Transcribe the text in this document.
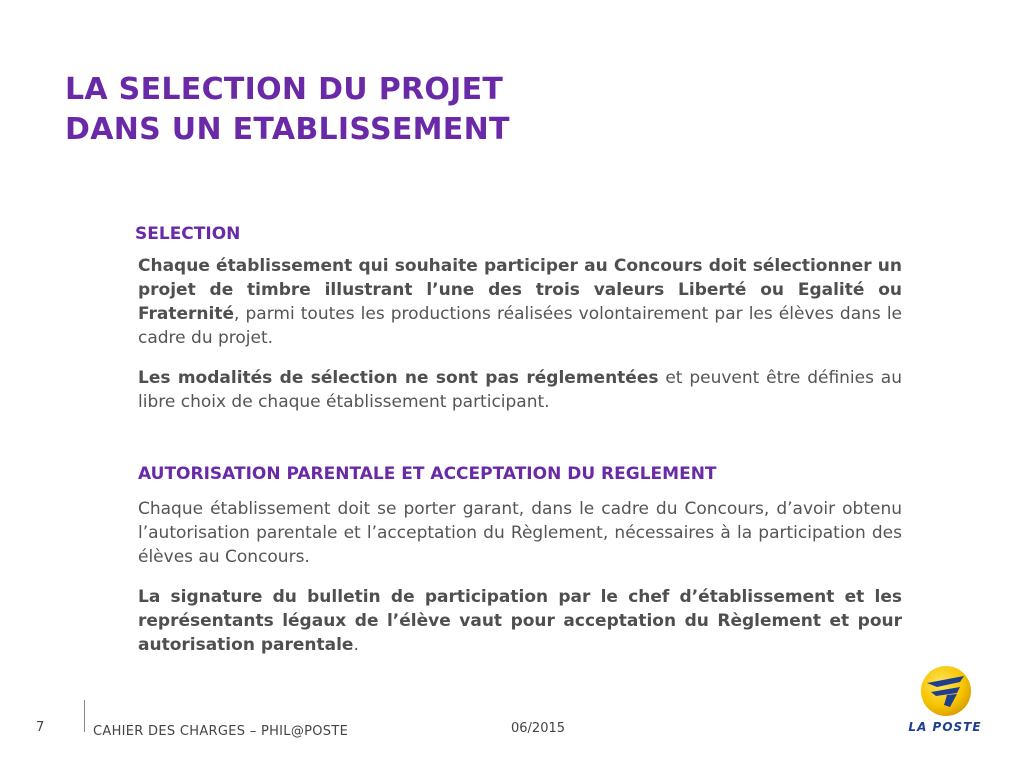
LA SELECTION DU PROJET
DANS UN ETABLISSEMENT
SELECTION

Chaque établissement qui souhaite participer au Concours doit sélectionner un projet de timbre illustrant l’une des trois valeurs Liberté ou Egalité ou Fraternité, parmi toutes les productions réalisées volontairement par les élèves dans le cadre du projet.

Les modalités de sélection ne sont pas réglementées et peuvent être définies au libre choix de chaque établissement participant.

AUTORISATION PARENTALE ET ACCEPTATION DU REGLEMENT

Chaque établissement doit se porter garant, dans le cadre du Concours, d’avoir obtenu l’autorisation parentale et l’acceptation du Règlement, nécessaires à la participation des élèves au Concours.

La signature du bulletin de participation par le chef d’établissement et les représentants légaux de l’élève vaut pour acceptation du Règlement et pour autorisation parentale.

7	CAHIER DES CHARGES – PHIL@POSTE	06/2015	LA POSTE
